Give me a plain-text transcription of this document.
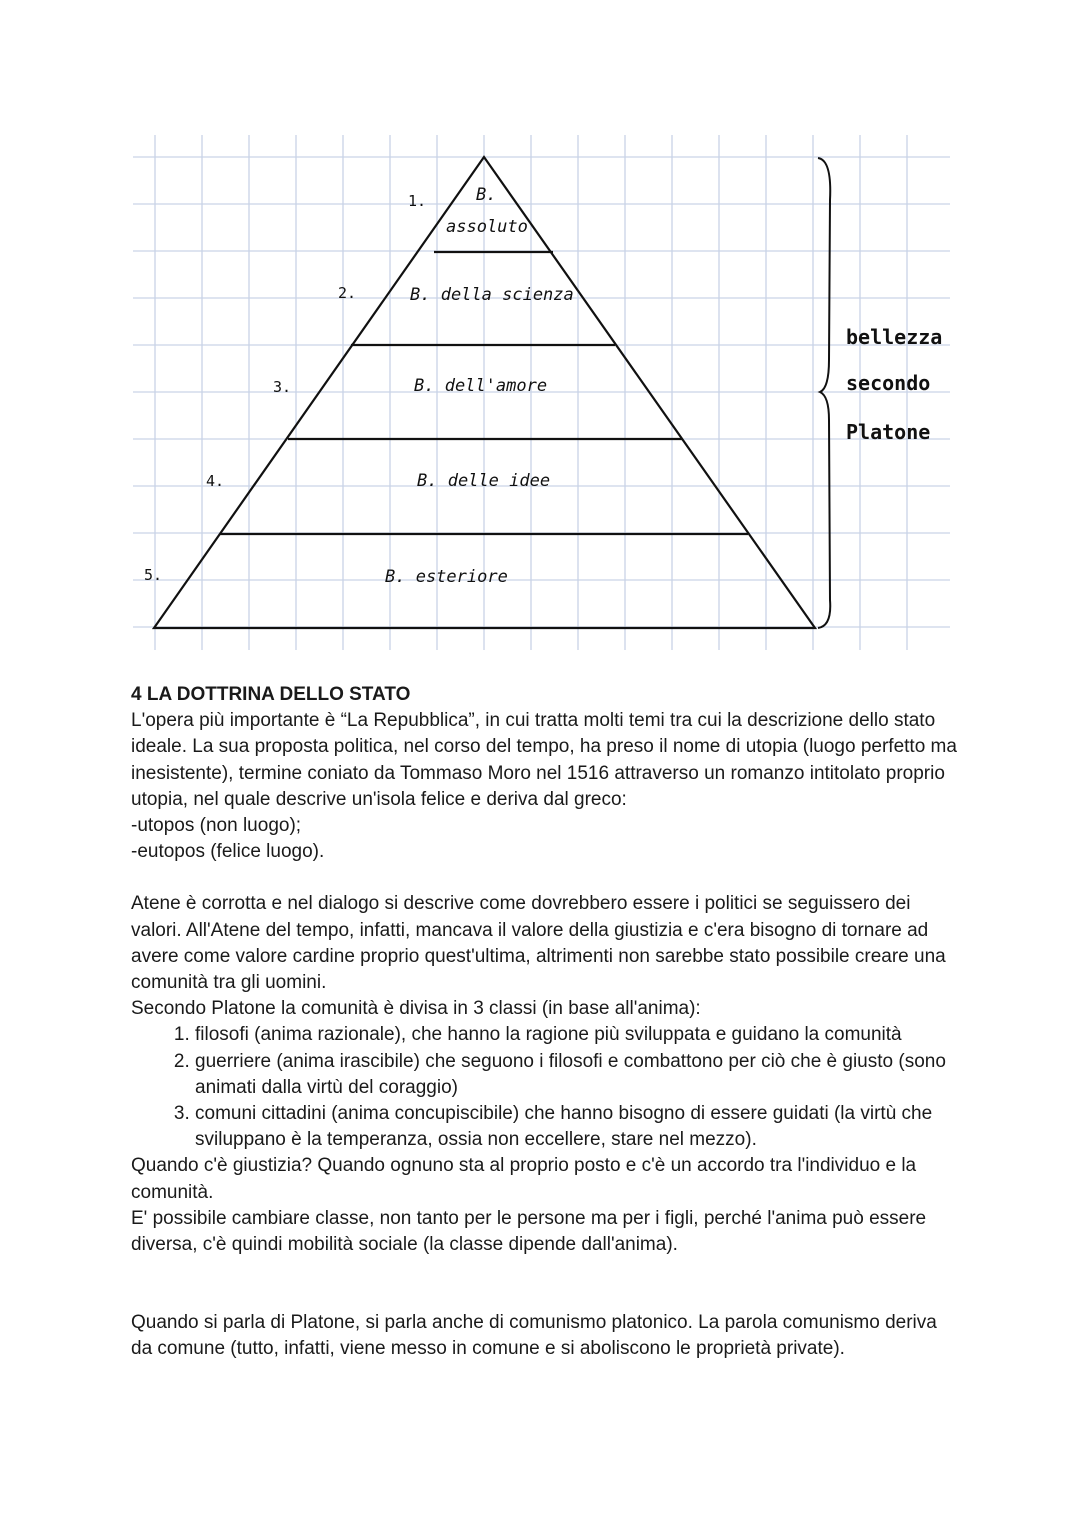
1.
2.
3.
4.
5.
B.
assoluto
B. della scienza
B. dell'amore
B. delle idee
B. esteriore
bellezza
secondo
Platone

4 LA DOTTRINA DELLO STATO

L'opera più importante è “La Repubblica”, in cui tratta molti temi tra cui la descrizione dello stato ideale. La sua proposta politica, nel corso del tempo, ha preso il nome di utopia (luogo perfetto ma inesistente), termine coniato da Tommaso Moro nel 1516 attraverso un romanzo intitolato proprio utopia, nel quale descrive un'isola felice e deriva dal greco:

-utopos (non luogo);

-eutopos (felice luogo).

Atene è corrotta e nel dialogo si descrive come dovrebbero essere i politici se seguissero dei valori. All'Atene del tempo, infatti, mancava il valore della giustizia e c'era bisogno di tornare ad avere come valore cardine proprio quest'ultima, altrimenti non sarebbe stato possibile creare una comunità tra gli uomini.

Secondo Platone la comunità è divisa in 3 classi (in base all'anima):

1. filosofi (anima razionale), che hanno la ragione più sviluppata e guidano la comunità
2. guerriere (anima irascibile) che seguono i filosofi e combattono per ciò che è giusto (sono animati dalla virtù del coraggio)
3. comuni cittadini (anima concupiscibile) che hanno bisogno di essere guidati (la virtù che sviluppano è la temperanza, ossia non eccellere, stare nel mezzo).

Quando c'è giustizia? Quando ognuno sta al proprio posto e c'è un accordo tra l'individuo e la comunità.

E' possibile cambiare classe, non tanto per le persone ma per i figli, perché l'anima può essere diversa, c'è quindi mobilità sociale (la classe dipende dall'anima).

Quando si parla di Platone, si parla anche di comunismo platonico. La parola comunismo deriva da comune (tutto, infatti, viene messo in comune e si aboliscono le proprietà private).
